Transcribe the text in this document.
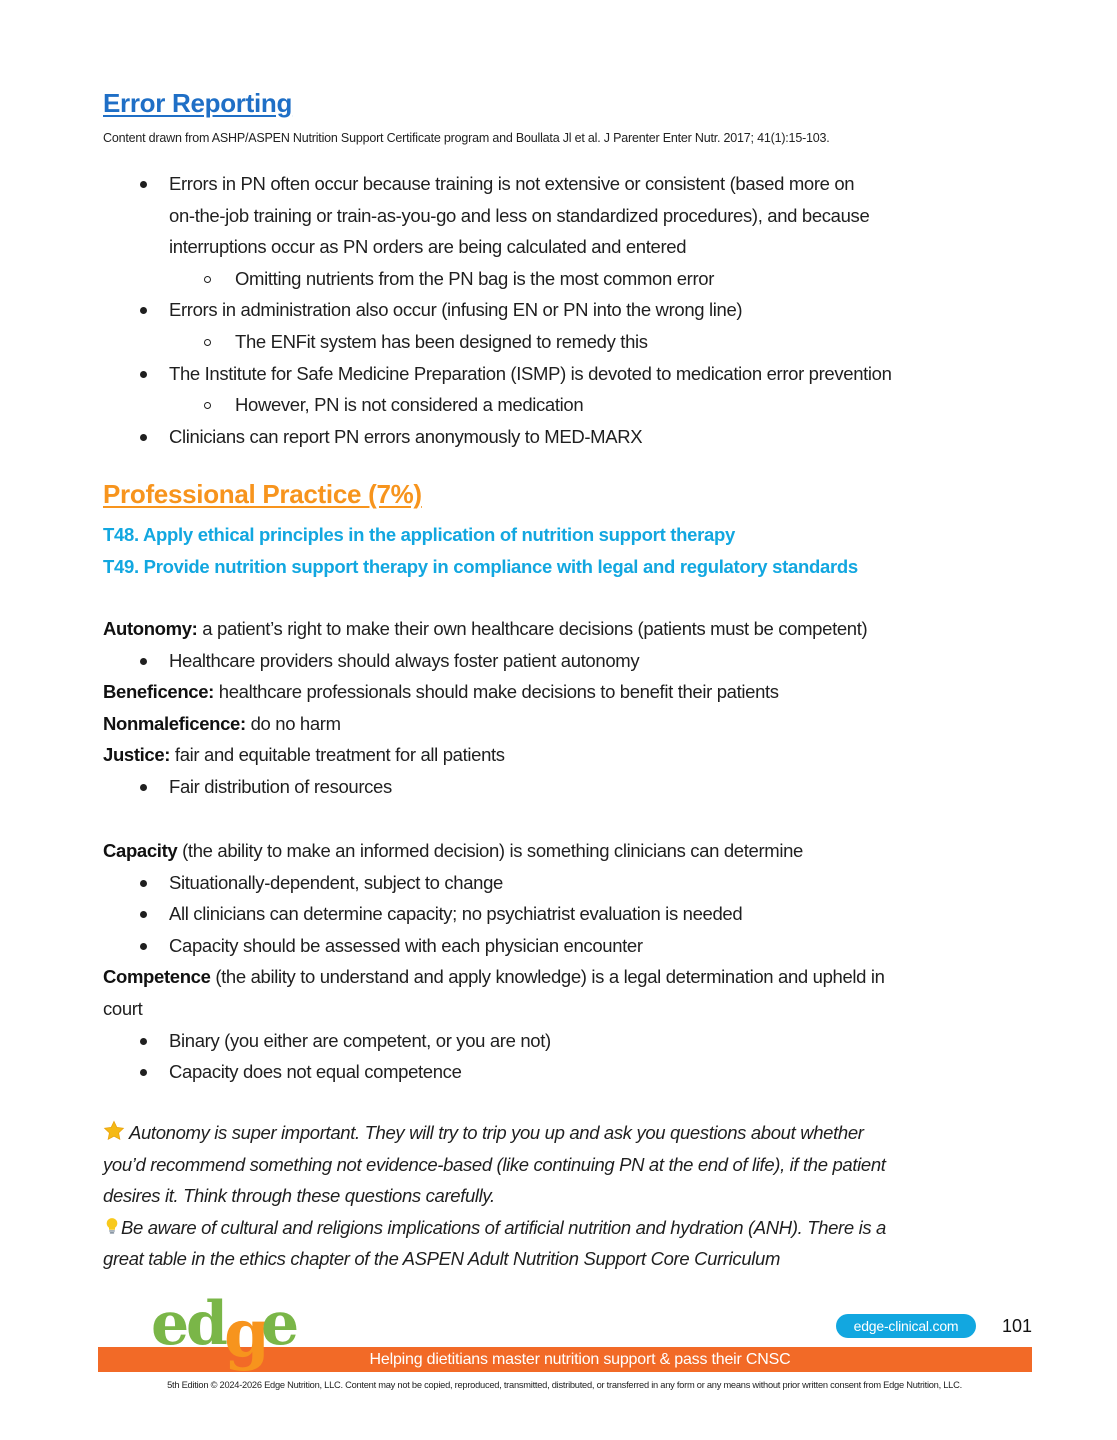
Error Reporting
Content drawn from ASHP/ASPEN Nutrition Support Certificate program and Boullata Jl et al. J Parenter Enter Nutr. 2017; 41(1):15-103.
Errors in PN often occur because training is not extensive or consistent (based more on
on-the-job training or train-as-you-go and less on standardized procedures), and because
interruptions occur as PN orders are being calculated and entered
Omitting nutrients from the PN bag is the most common error
Errors in administration also occur (infusing EN or PN into the wrong line)
The ENFit system has been designed to remedy this
The Institute for Safe Medicine Preparation (ISMP) is devoted to medication error prevention
However, PN is not considered a medication
Clinicians can report PN errors anonymously to MED-MARX
Professional Practice (7%)
T48. Apply ethical principles in the application of nutrition support therapy
T49. Provide nutrition support therapy in compliance with legal and regulatory standards
Autonomy: a patient’s right to make their own healthcare decisions (patients must be competent)
Healthcare providers should always foster patient autonomy
Beneficence: healthcare professionals should make decisions to benefit their patients
Nonmaleficence: do no harm
Justice: fair and equitable treatment for all patients
Fair distribution of resources
Capacity (the ability to make an informed decision) is something clinicians can determine
Situationally-dependent, subject to change
All clinicians can determine capacity; no psychiatrist evaluation is needed
Capacity should be assessed with each physician encounter
Competence (the ability to understand and apply knowledge) is a legal determination and upheld in
court
Binary (you either are competent, or you are not)
Capacity does not equal competence
Autonomy is super important. They will try to trip you up and ask you questions about whether
you’d recommend something not evidence-based (like continuing PN at the end of life), if the patient
desires it. Think through these questions carefully.
Be aware of cultural and religions implications of artificial nutrition and hydration (ANH). There is a
great table in the ethics chapter of the ASPEN Adult Nutrition Support Core Curriculum
e
d
g
e	edge-clinical.com	101
Helping dietitians master nutrition support & pass their CNSC
5th Edition © 2024-2026 Edge Nutrition, LLC. Content may not be copied, reproduced, transmitted, distributed, or transferred in any form or any means without prior written consent from Edge Nutrition, LLC.
